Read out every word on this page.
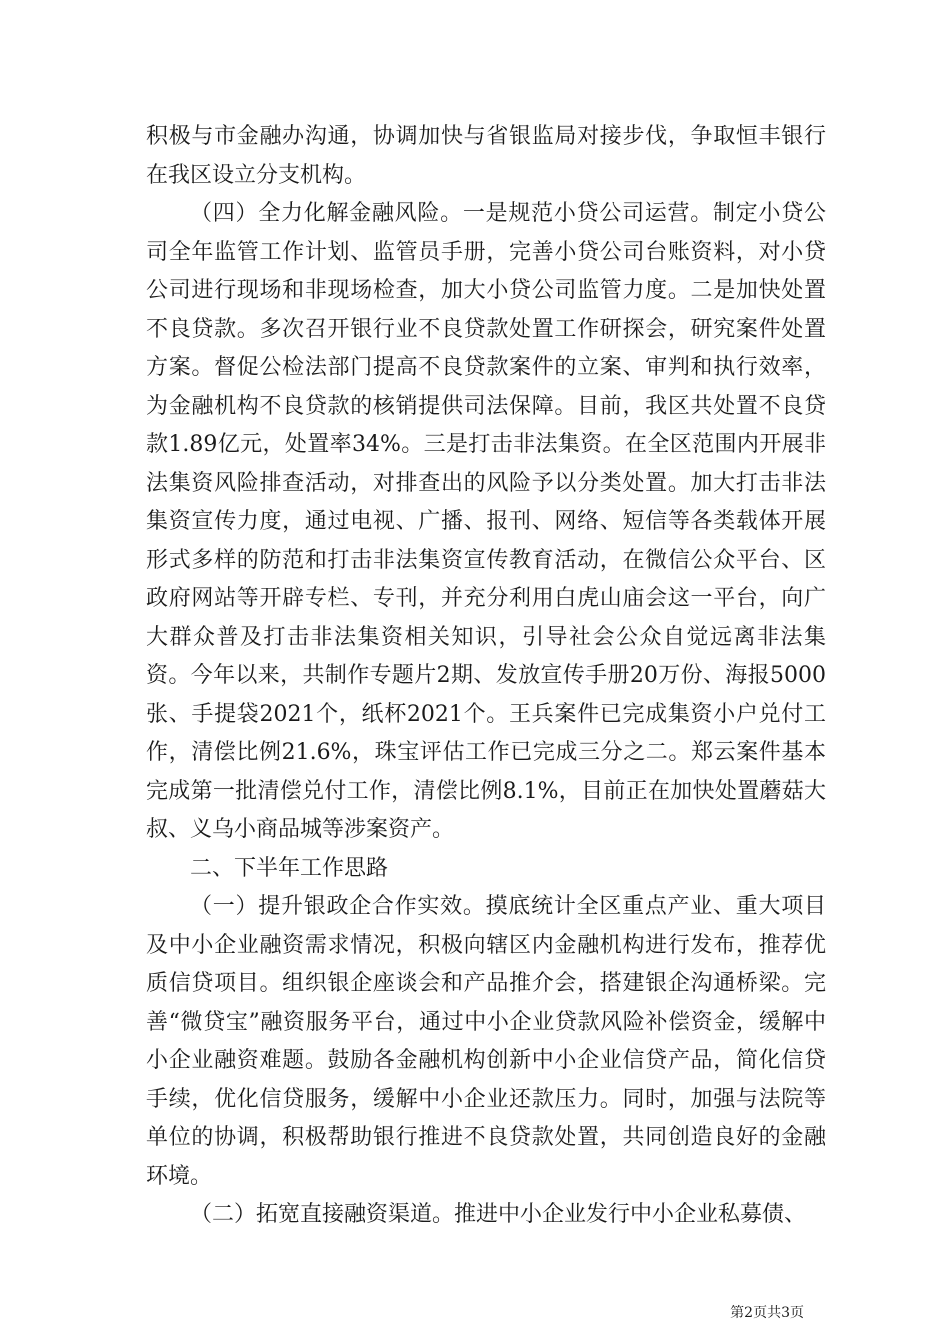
积极与市金融办沟通，协调加快与省银监局对接步伐，争取恒丰银行在我区设立分支机构。

（四）全力化解金融风险。一是规范小贷公司运营。制定小贷公司全年监管工作计划、监管员手册，完善小贷公司台账资料，对小贷公司进行现场和非现场检查，加大小贷公司监管力度。二是加快处置不良贷款。多次召开银行业不良贷款处置工作研探会，研究案件处置方案。督促公检法部门提高不良贷款案件的立案、审判和执行效率，为金融机构不良贷款的核销提供司法保障。目前，我区共处置不良贷款1.89亿元，处置率34%。三是打击非法集资。在全区范围内开展非法集资风险排查活动，对排查出的风险予以分类处置。加大打击非法集资宣传力度，通过电视、广播、报刊、网络、短信等各类载体开展形式多样的防范和打击非法集资宣传教育活动，在微信公众平台、区政府网站等开辟专栏、专刊，并充分利用白虎山庙会这一平台，向广大群众普及打击非法集资相关知识，引导社会公众自觉远离非法集资。今年以来，共制作专题片2期、发放宣传手册20万份、海报5000张、手提袋2021个，纸杯2021个。王兵案件已完成集资小户兑付工作，清偿比例21.6%，珠宝评估工作已完成三分之二。郑云案件基本完成第一批清偿兑付工作，清偿比例8.1%，目前正在加快处置蘑菇大叔、义乌小商品城等涉案资产。

二、下半年工作思路

（一）提升银政企合作实效。摸底统计全区重点产业、重大项目及中小企业融资需求情况，积极向辖区内金融机构进行发布，推荐优质信贷项目。组织银企座谈会和产品推介会，搭建银企沟通桥梁。完善“微贷宝”融资服务平台，通过中小企业贷款风险补偿资金，缓解中小企业融资难题。鼓励各金融机构创新中小企业信贷产品，简化信贷手续，优化信贷服务，缓解中小企业还款压力。同时，加强与法院等单位的协调，积极帮助银行推进不良贷款处置，共同创造良好的金融环境。

（二）拓宽直接融资渠道。推进中小企业发行中小企业私募债、

第2页共3页
